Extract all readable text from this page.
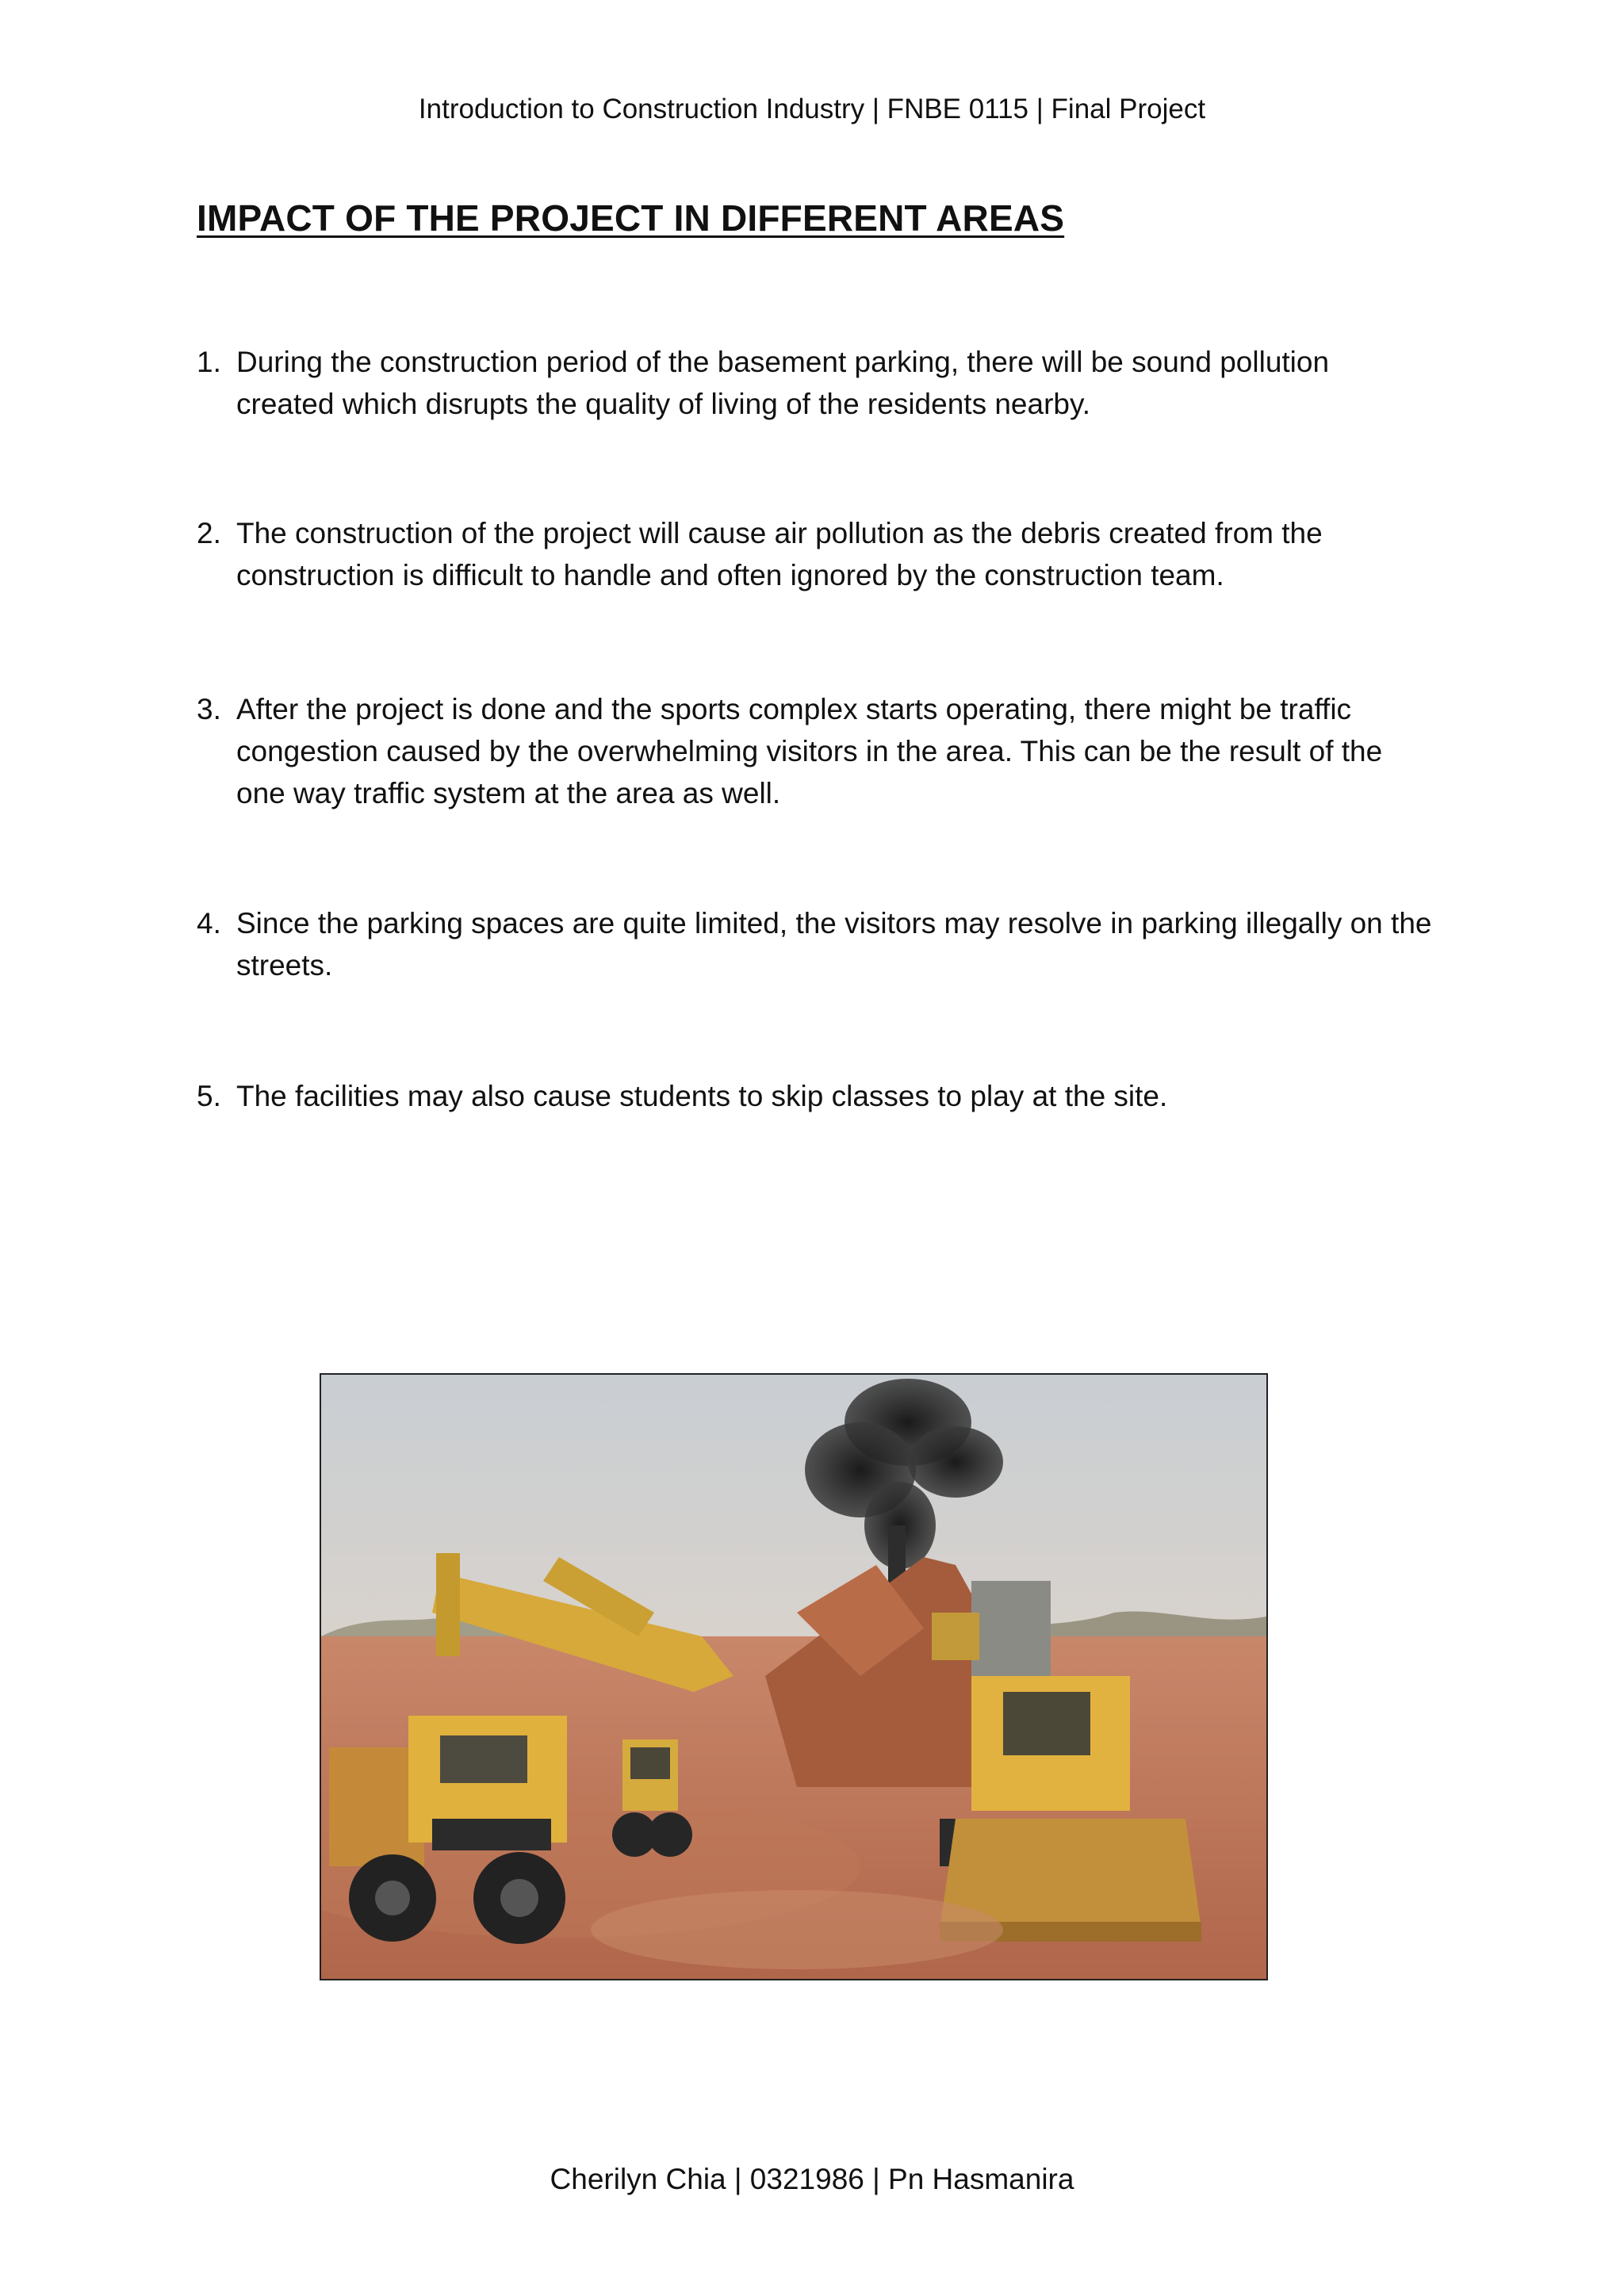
Introduction to Construction Industry | FNBE 0115 | Final Project
IMPACT OF THE PROJECT IN DIFFERENT AREAS
1. During the construction period of the basement parking, there will be sound pollution created which disrupts the quality of living of the residents nearby.
2. The construction of the project will cause air pollution as the debris created from the construction is difficult to handle and often ignored by the construction team.
3. After the project is done and the sports complex starts operating, there might be traffic congestion caused by the overwhelming visitors in the area. This can be the result of the one way traffic system at the area as well.
4. Since the parking spaces are quite limited, the visitors may resolve in parking illegally on the streets.
5. The facilities may also cause students to skip classes to play at the site.
Cherilyn Chia | 0321986 | Pn Hasmanira
